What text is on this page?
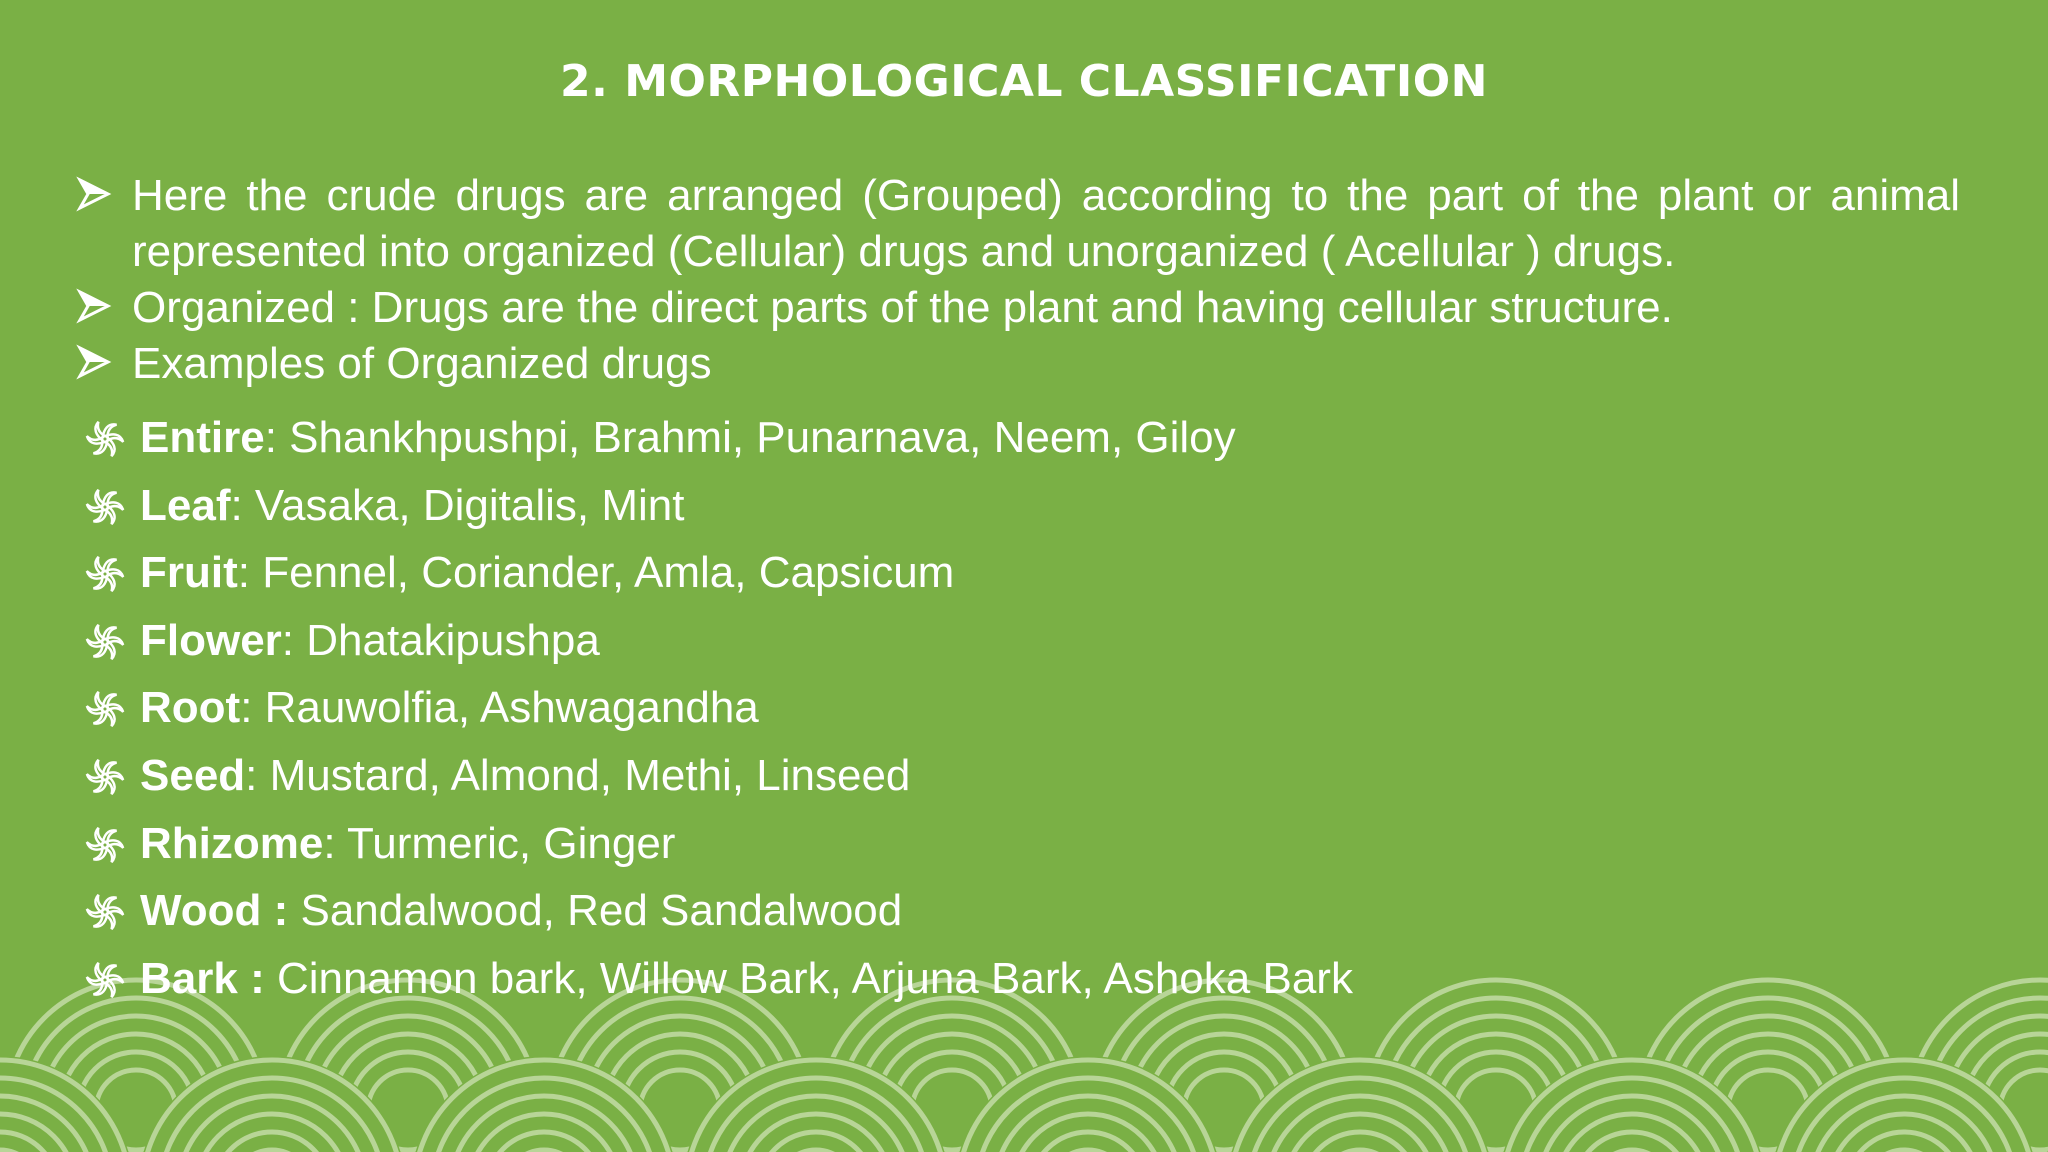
2. MORPHOLOGICAL CLASSIFICATION
Here the crude drugs are arranged (Grouped) according to the part of the plant or animal represented into organized (Cellular) drugs and unorganized ( Acellular ) drugs.
Organized : Drugs are the direct parts of the plant and having cellular structure.
Examples of Organized drugs
Entire: Shankhpushpi, Brahmi, Punarnava, Neem, Giloy
Leaf: Vasaka, Digitalis, Mint
Fruit: Fennel, Coriander, Amla, Capsicum
Flower: Dhatakipushpa
Root: Rauwolfia, Ashwagandha
Seed: Mustard, Almond, Methi, Linseed
Rhizome: Turmeric, Ginger
Wood : Sandalwood, Red Sandalwood
Bark : Cinnamon bark, Willow Bark, Arjuna Bark, Ashoka Bark
